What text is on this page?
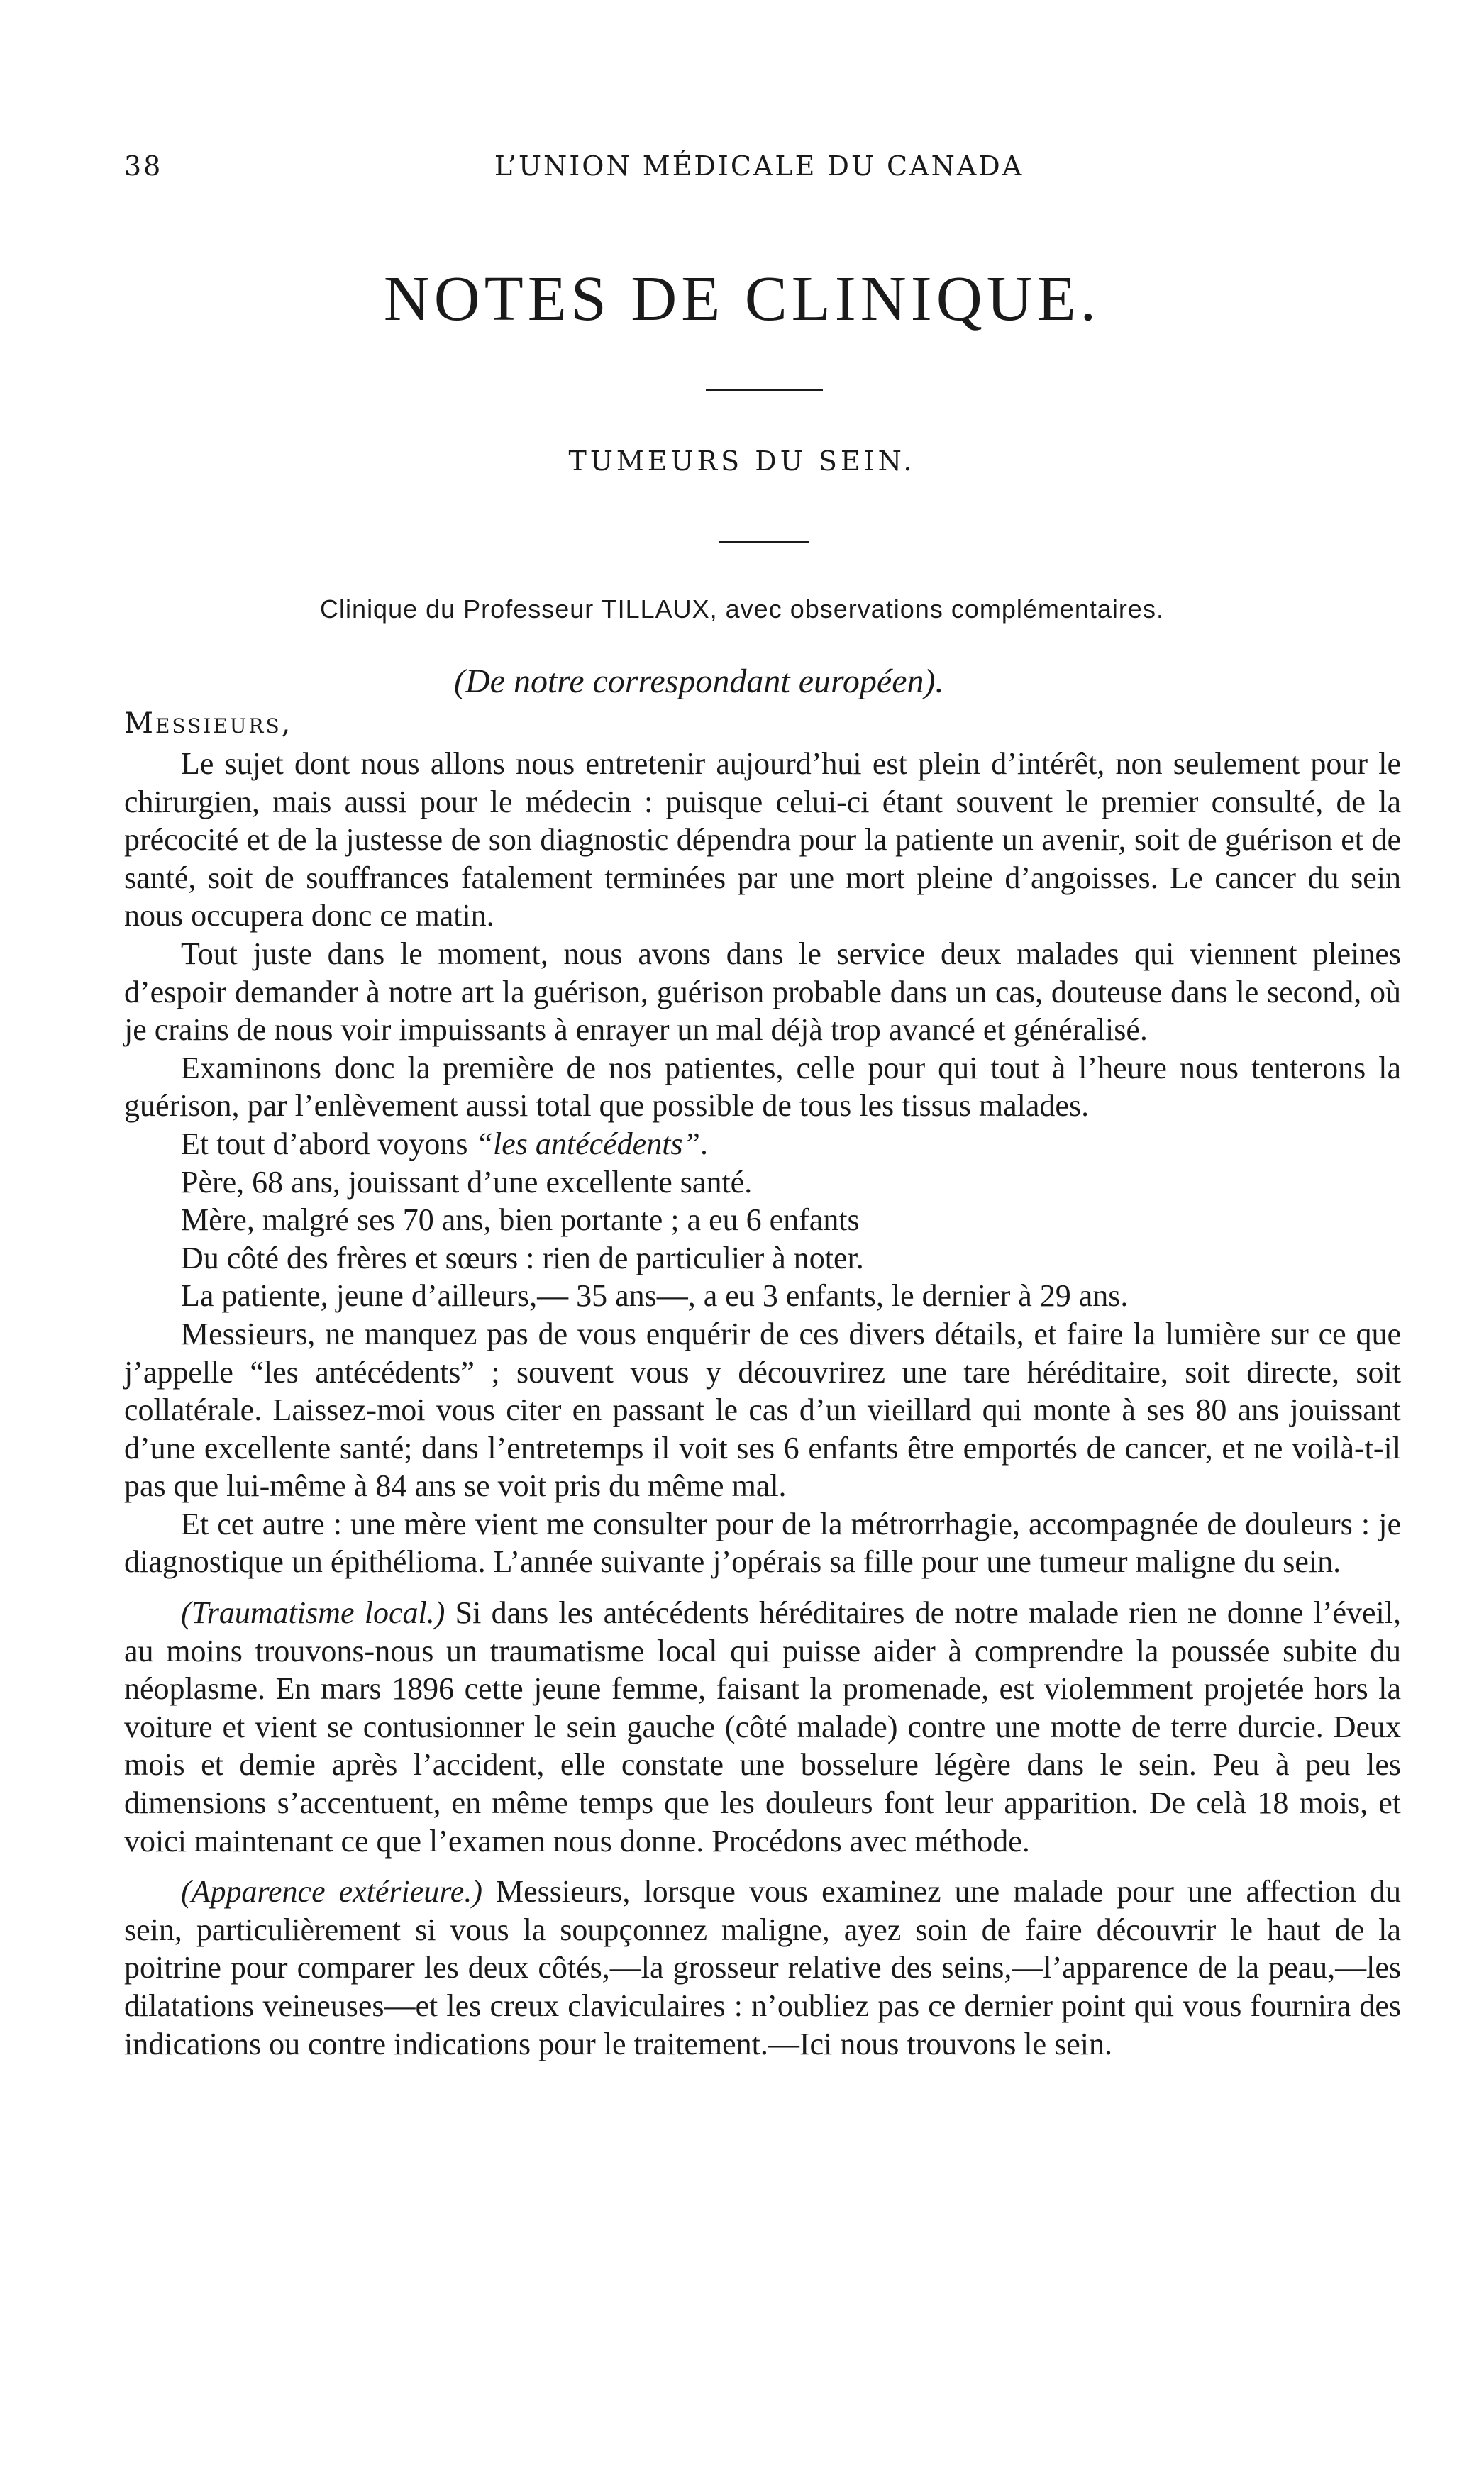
38	L’UNION MÉDICALE DU CANADA
NOTES DE CLINIQUE.
TUMEURS DU SEIN.
Clinique du Professeur TILLAUX, avec observations complémentaires.
(De notre correspondant européen).
Messieurs,

Le sujet dont nous allons nous entretenir aujourd’hui est plein d’intérêt, non seulement pour le chirurgien, mais aussi pour le médecin : puisque celui-ci étant souvent le premier consulté, de la précocité et de la justesse de son diagnostic dépendra pour la patiente un avenir, soit de guérison et de santé, soit de souffrances fatalement terminées par une mort pleine d’angoisses. Le cancer du sein nous occupera donc ce matin.

Tout juste dans le moment, nous avons dans le service deux malades qui viennent pleines d’espoir demander à notre art la guérison, guérison probable dans un cas, douteuse dans le second, où je crains de nous voir impuissants à enrayer un mal déjà trop avancé et généralisé.

Examinons donc la première de nos patientes, celle pour qui tout à l’heure nous tenterons la guérison, par l’enlèvement aussi total que possible de tous les tissus malades.

Et tout d’abord voyons “les antécédents”.

Père, 68 ans, jouissant d’une excellente santé.

Mère, malgré ses 70 ans, bien portante ; a eu 6 enfants

Du côté des frères et sœurs : rien de particulier à noter.

La patiente, jeune d’ailleurs,— 35 ans—, a eu 3 enfants, le dernier à 29 ans.

Messieurs, ne manquez pas de vous enquérir de ces divers détails, et faire la lumière sur ce que j’appelle “les antécédents” ; souvent vous y découvrirez une tare héréditaire, soit directe, soit collatérale. Laissez-moi vous citer en passant le cas d’un vieillard qui monte à ses 80 ans jouissant d’une excellente santé; dans l’entretemps il voit ses 6 enfants être emportés de cancer, et ne voilà-t-il pas que lui-même à 84 ans se voit pris du même mal.

Et cet autre : une mère vient me consulter pour de la métrorrhagie, accompagnée de douleurs : je diagnostique un épithélioma. L’année suivante j’opérais sa fille pour une tumeur maligne du sein.

(Traumatisme local.) Si dans les antécédents héréditaires de notre malade rien ne donne l’éveil, au moins trouvons-nous un traumatisme local qui puisse aider à comprendre la poussée subite du néoplasme. En mars 1896 cette jeune femme, faisant la promenade, est violemment projetée hors la voiture et vient se contusionner le sein gauche (côté malade) contre une motte de terre durcie. Deux mois et demie après l’accident, elle constate une bosselure légère dans le sein. Peu à peu les dimensions s’accentuent, en même temps que les douleurs font leur apparition. De celà 18 mois, et voici maintenant ce que l’examen nous donne. Procédons avec méthode.

(Apparence extérieure.) Messieurs, lorsque vous examinez une malade pour une affection du sein, particulièrement si vous la soupçonnez maligne, ayez soin de faire découvrir le haut de la poitrine pour comparer les deux côtés,—la grosseur relative des seins,—l’apparence de la peau,—les dilatations veineuses—et les creux claviculaires : n’oubliez pas ce dernier point qui vous fournira des indications ou contre indications pour le traitement.—Ici nous trouvons le sein.
